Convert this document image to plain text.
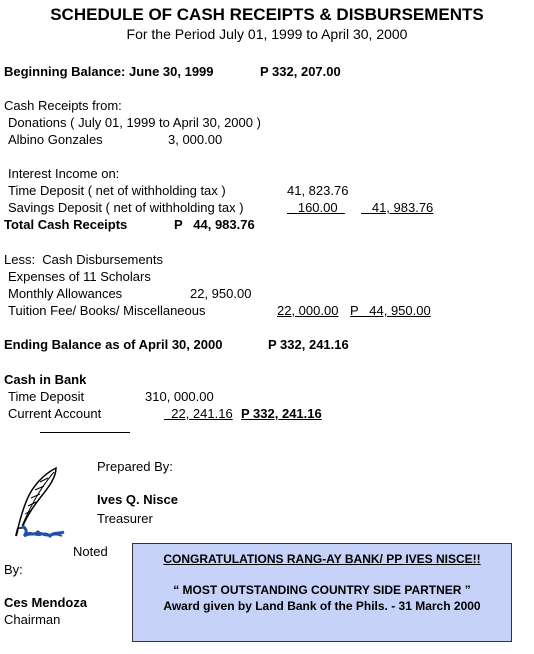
SCHEDULE OF CASH RECEIPTS & DISBURSEMENTS
For the Period July 01, 1999 to April 30, 2000
Beginning Balance: June 30, 1999	P 332, 207.00
Cash Receipts from:
Donations ( July 01, 1999 to April 30, 2000 )
Albino Gonzales	3, 000.00
Interest Income on:
Time Deposit ( net of withholding tax )	41, 823.76
Savings Deposit ( net of withholding tax )	160.00	41, 983.76
Total Cash Receipts	P   44, 983.76
Less:  Cash Disbursements
Expenses of 11 Scholars
Monthly Allowances	22, 950.00
Tuition Fee/ Books/ Miscellaneous	22, 000.00 P   44, 950.00
Ending Balance as of April 30, 2000	P 332, 241.16
Cash in Bank
Time Deposit	310, 000.00
Current Account	22, 241.16 P 332, 241.16
Prepared By:
Ives Q. Nisce
Treasurer
Noted
By:
Ces Mendoza
Chairman
CONGRATULATIONS RANG-AY BANK/ PP IVES NISCE!!
“ MOST OUTSTANDING COUNTRY SIDE PARTNER ”
Award given by Land Bank of the Phils. - 31 March 2000
